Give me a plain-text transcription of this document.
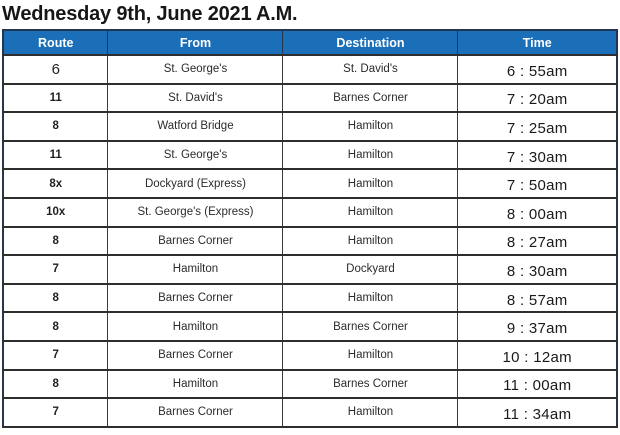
Wednesday 9th, June 2021 A.M.
Route	From	Destination	Time
6	St. George's	St. David's	6 : 55am
11	St. David's	Barnes Corner	7 : 20am
8	Watford Bridge	Hamilton	7 : 25am
11	St. George's	Hamilton	7 : 30am
8x	Dockyard (Express)	Hamilton	7 : 50am
10x	St. George's (Express)	Hamilton	8 : 00am
8	Barnes Corner	Hamilton	8 : 27am
7	Hamilton	Dockyard	8 : 30am
8	Barnes Corner	Hamilton	8 : 57am
8	Hamilton	Barnes Corner	9 : 37am
7	Barnes Corner	Hamilton	10 : 12am
8	Hamilton	Barnes Corner	11 : 00am
7	Barnes Corner	Hamilton	11 : 34am
